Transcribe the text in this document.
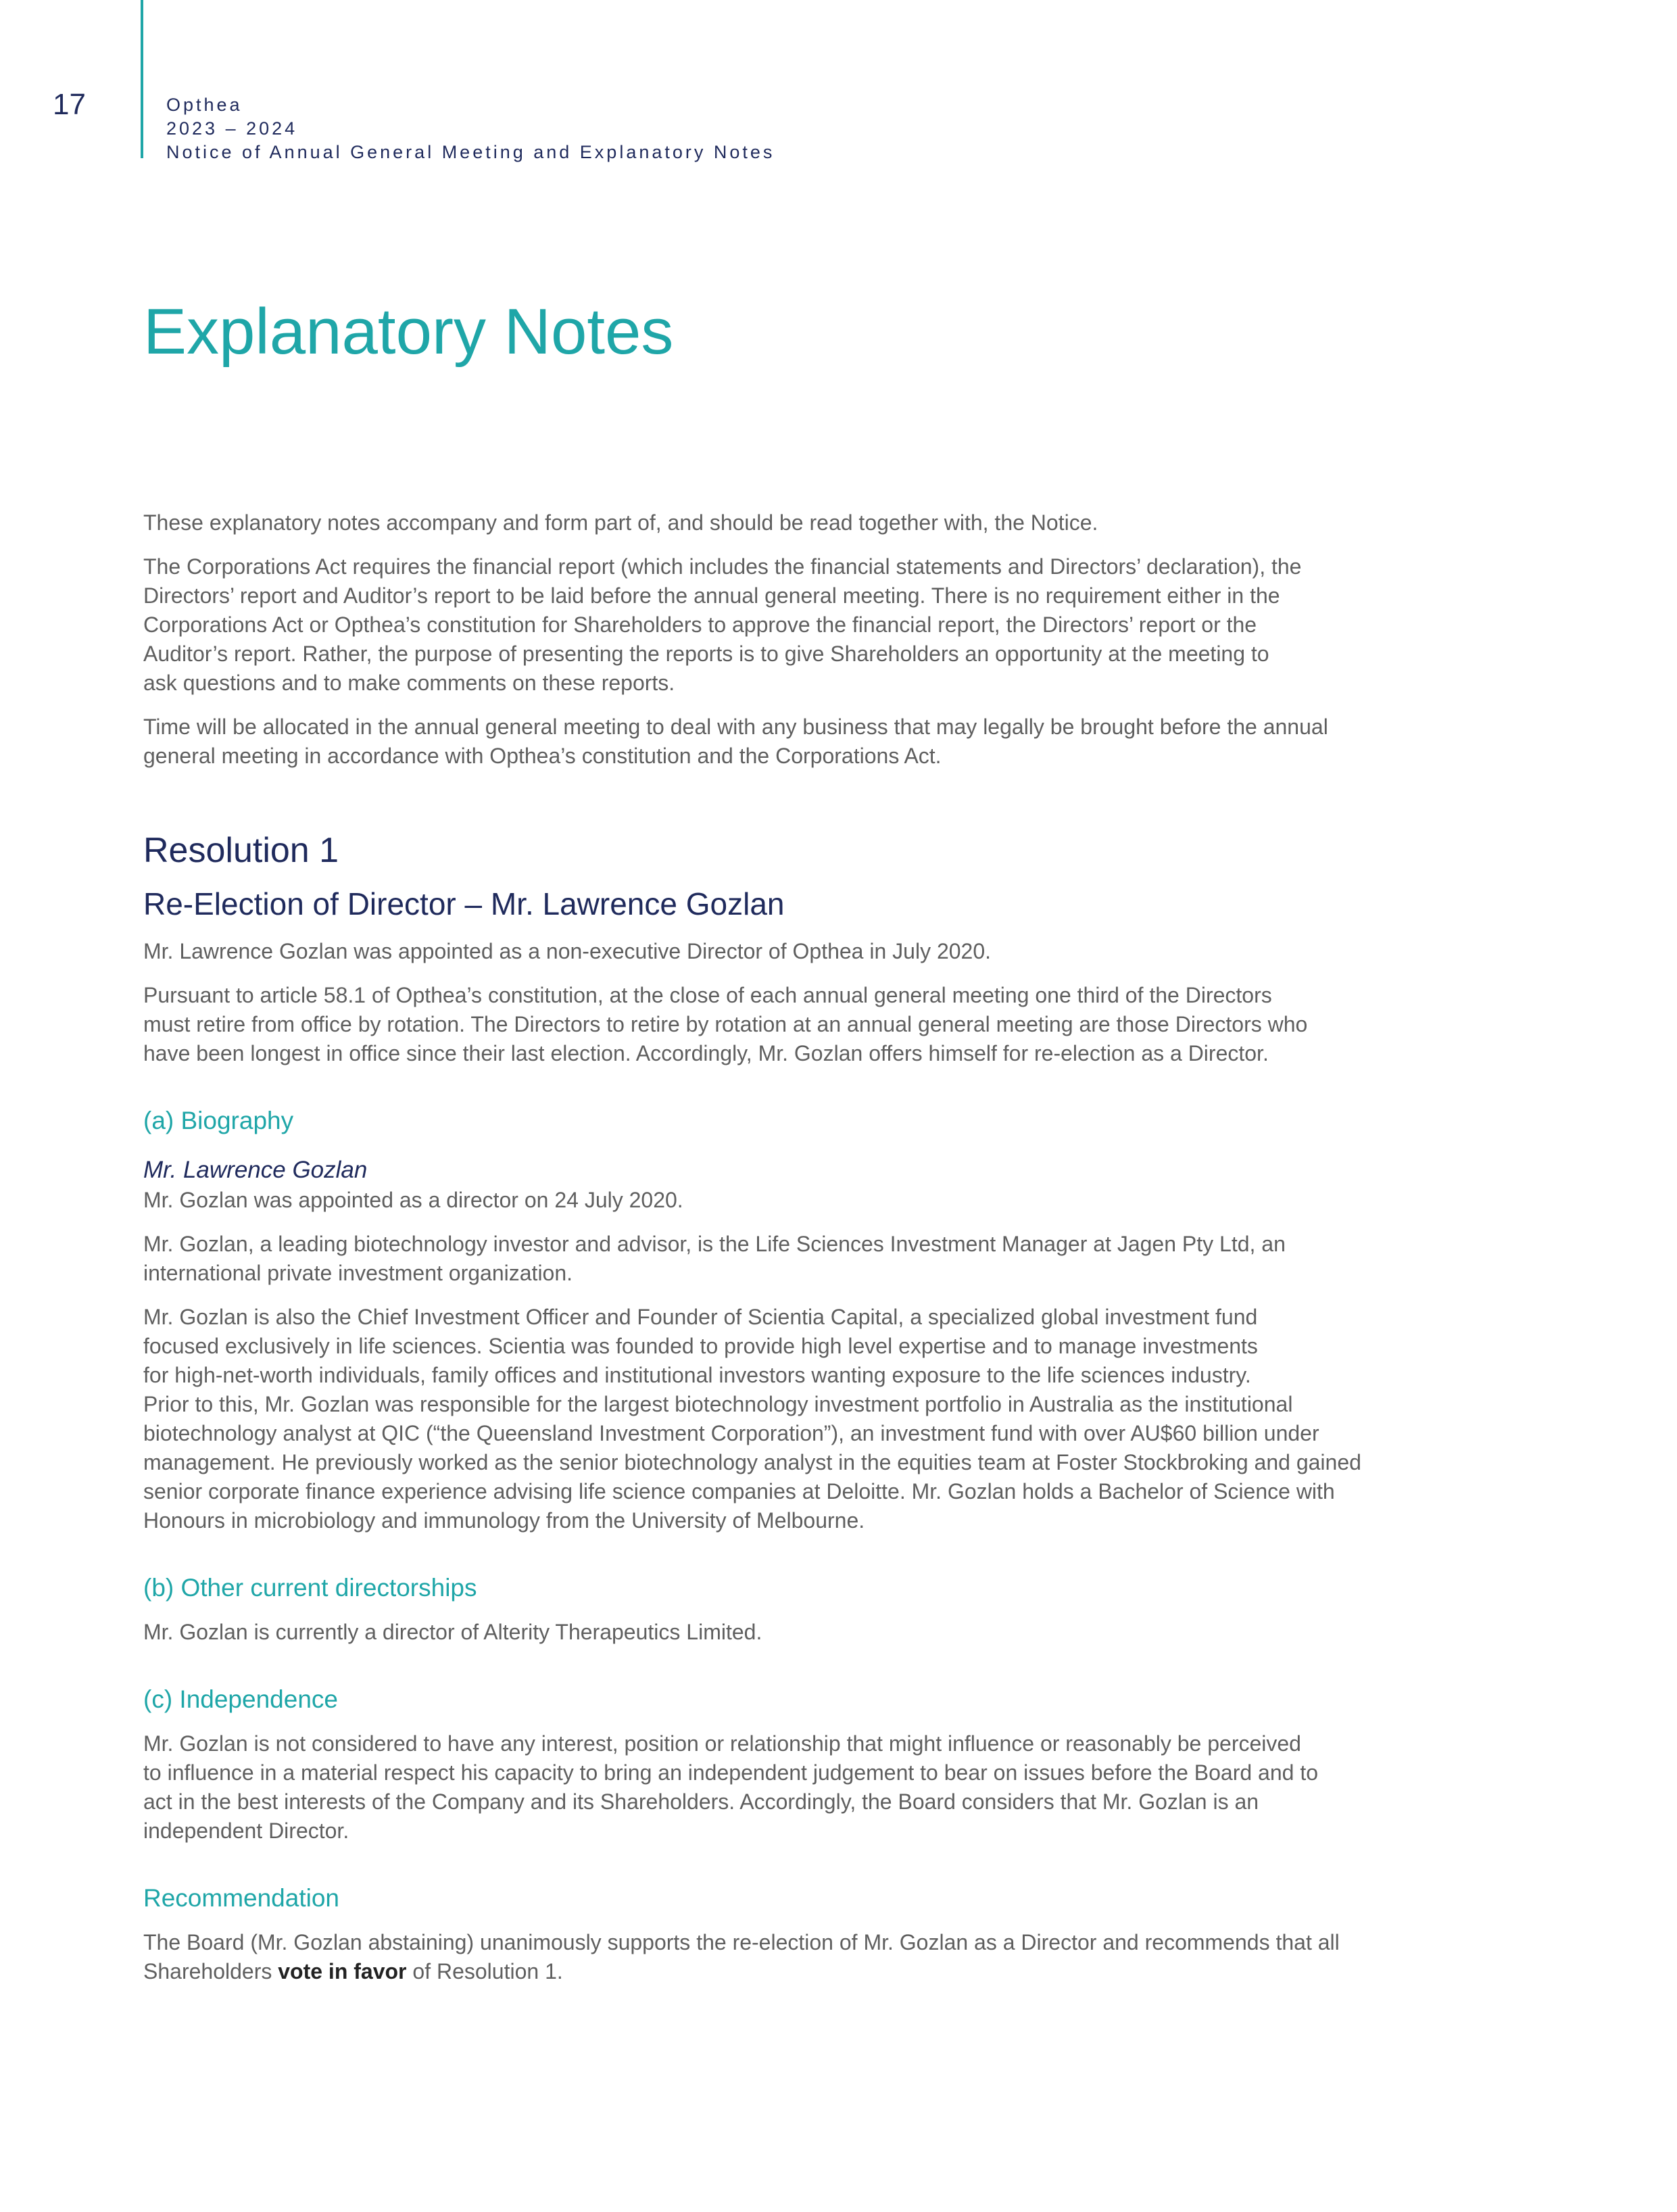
17	Opthea
2023 – 2024
Notice of Annual General Meeting and Explanatory Notes
Explanatory Notes

These explanatory notes accompany and form part of, and should be read together with, the Notice.

The Corporations Act requires the financial report (which includes the financial statements and Directors’ declaration), the
Directors’ report and Auditor’s report to be laid before the annual general meeting. There is no requirement either in the
Corporations Act or Opthea’s constitution for Shareholders to approve the financial report, the Directors’ report or the
Auditor’s report. Rather, the purpose of presenting the reports is to give Shareholders an opportunity at the meeting to
ask questions and to make comments on these reports.

Time will be allocated in the annual general meeting to deal with any business that may legally be brought before the annual
general meeting in accordance with Opthea’s constitution and the Corporations Act.

Resolution 1
Re-Election of Director – Mr. Lawrence Gozlan

Mr. Lawrence Gozlan was appointed as a non-executive Director of Opthea in July 2020.

Pursuant to article 58.1 of Opthea’s constitution, at the close of each annual general meeting one third of the Directors
must retire from office by rotation. The Directors to retire by rotation at an annual general meeting are those Directors who
have been longest in office since their last election. Accordingly, Mr. Gozlan offers himself for re-election as a Director.

(a) Biography
Mr. Lawrence Gozlan

Mr. Gozlan was appointed as a director on 24 July 2020.

Mr. Gozlan, a leading biotechnology investor and advisor, is the Life Sciences Investment Manager at Jagen Pty Ltd, an
international private investment organization.

Mr. Gozlan is also the Chief Investment Officer and Founder of Scientia Capital, a specialized global investment fund
focused exclusively in life sciences. Scientia was founded to provide high level expertise and to manage investments
for high-net-worth individuals, family offices and institutional investors wanting exposure to the life sciences industry.
Prior to this, Mr. Gozlan was responsible for the largest biotechnology investment portfolio in Australia as the institutional
biotechnology analyst at QIC (“the Queensland Investment Corporation”), an investment fund with over AU$60 billion under
management. He previously worked as the senior biotechnology analyst in the equities team at Foster Stockbroking and gained
senior corporate finance experience advising life science companies at Deloitte. Mr. Gozlan holds a Bachelor of Science with
Honours in microbiology and immunology from the University of Melbourne.

(b) Other current directorships

Mr. Gozlan is currently a director of Alterity Therapeutics Limited.

(c) Independence

Mr. Gozlan is not considered to have any interest, position or relationship that might influence or reasonably be perceived
to influence in a material respect his capacity to bring an independent judgement to bear on issues before the Board and to
act in the best interests of the Company and its Shareholders. Accordingly, the Board considers that Mr. Gozlan is an
independent Director.

Recommendation

The Board (Mr. Gozlan abstaining) unanimously supports the re-election of Mr. Gozlan as a Director and recommends that all
Shareholders vote in favor of Resolution 1.
